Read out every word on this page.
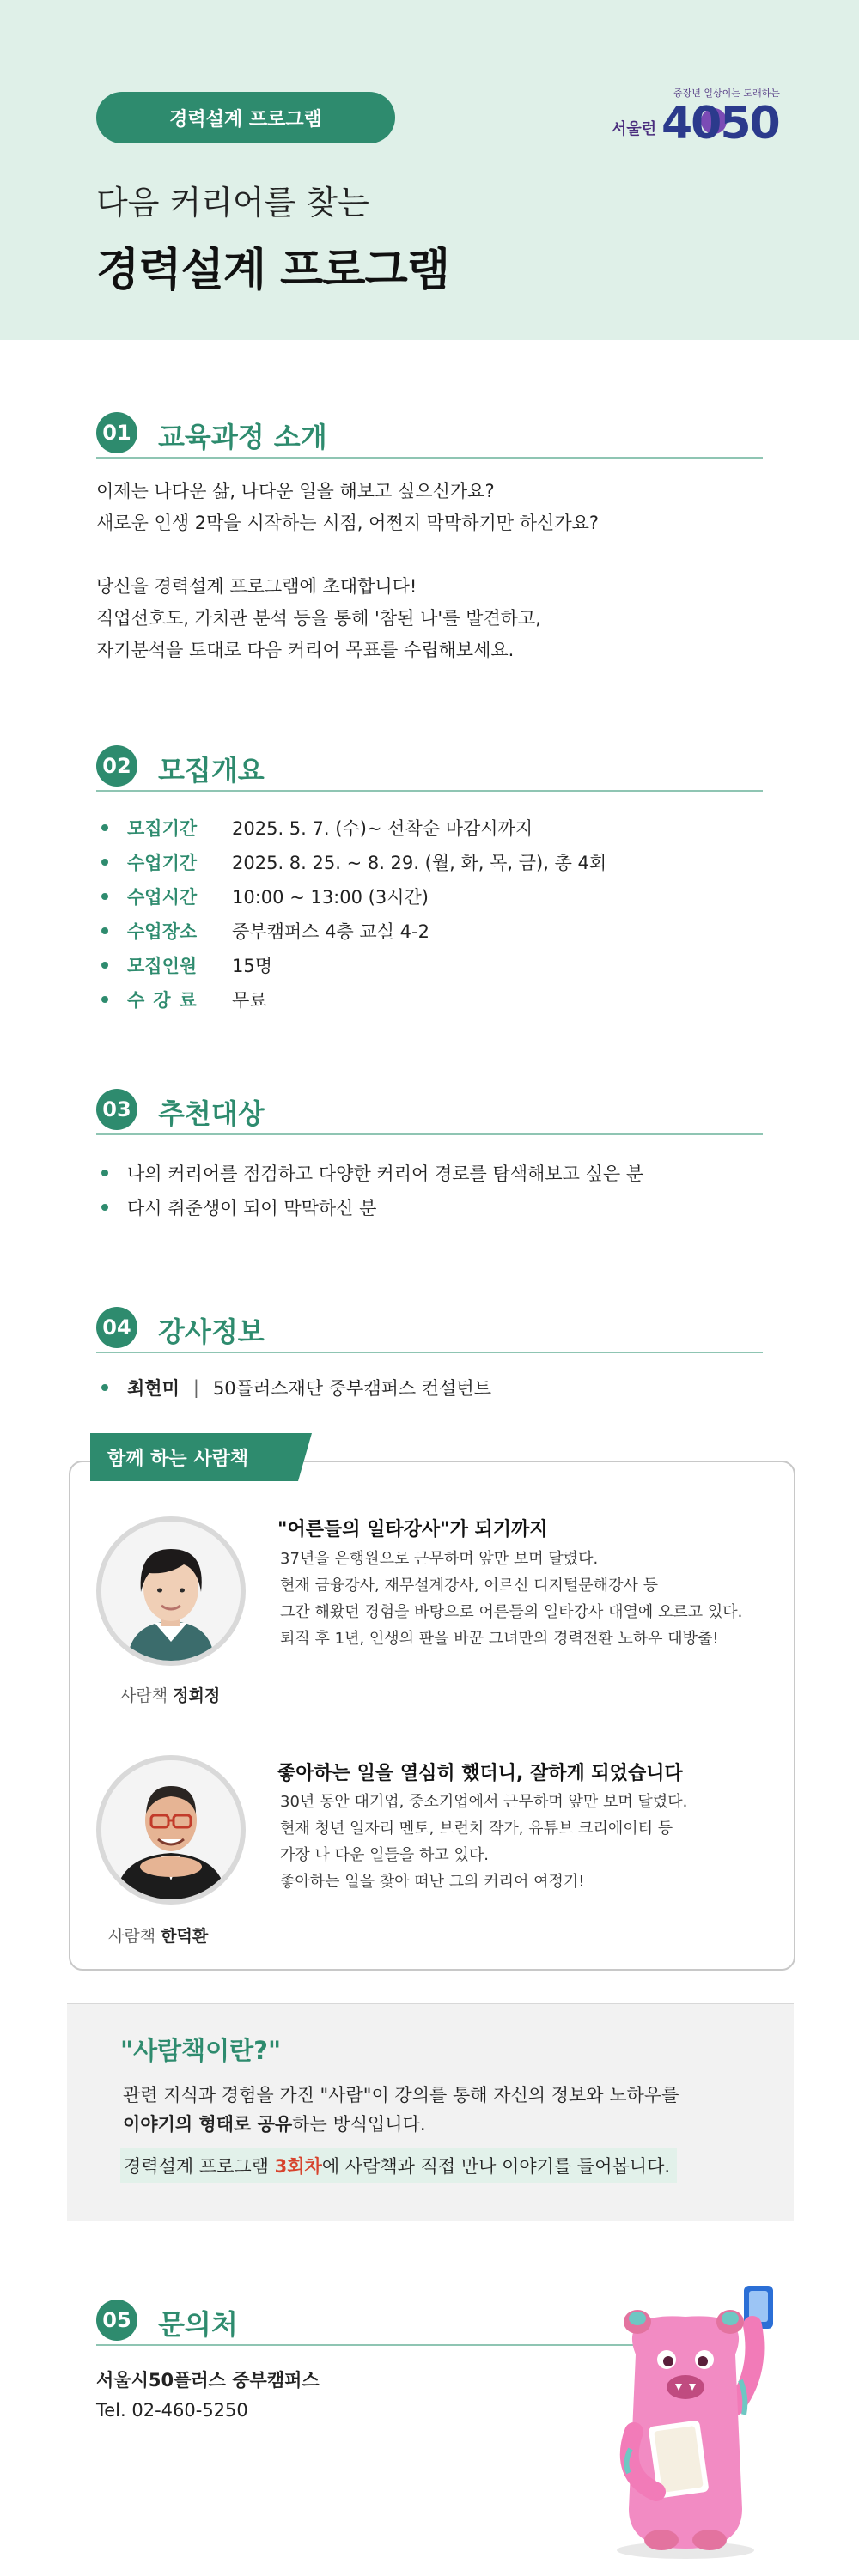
경력설계 프로그램
중장년 일상이는 도래하는
서울런 4050
다음 커리어를 찾는
경력설계 프로그램
01 교육과정 소개
이제는 나다운 삶, 나다운 일을 해보고 싶으신가요?
새로운 인생 2막을 시작하는 시점, 어쩐지 막막하기만 하신가요?
당신을 경력설계 프로그램에 초대합니다!
직업선호도, 가치관 분석 등을 통해 '참된 나'를 발견하고,
자기분석을 토대로 다음 커리어 목표를 수립해보세요.
02 모집개요
모집기간	2025. 5. 7. (수)~ 선착순 마감시까지
수업기간	2025. 8. 25. ~ 8. 29. (월, 화, 목, 금), 총 4회
수업시간	10:00 ~ 13:00 (3시간)
수업장소	중부캠퍼스 4층 교실 4-2
모집인원	15명
수강료	무료
03 추천대상
나의 커리어를 점검하고 다양한 커리어 경로를 탐색해보고 싶은 분
다시 취준생이 되어 막막하신 분
04 강사정보
최현미 | 50플러스재단 중부캠퍼스 컨설턴트
함께 하는 사람책
사람책 정희정
"어른들의 일타강사"가 되기까지
37년을 은행원으로 근무하며 앞만 보며 달렸다.
현재 금융강사, 재무설계강사, 어르신 디지털문해강사 등
그간 해왔던 경험을 바탕으로 어른들의 일타강사 대열에 오르고 있다.
퇴직 후 1년, 인생의 판을 바꾼 그녀만의 경력전환 노하우 대방출!
사람책 한덕환
좋아하는 일을 열심히 했더니, 잘하게 되었습니다
30년 동안 대기업, 중소기업에서 근무하며 앞만 보며 달렸다.
현재 청년 일자리 멘토, 브런치 작가, 유튜브 크리에이터 등
가장 나 다운 일들을 하고 있다.
좋아하는 일을 찾아 떠난 그의 커리어 여정기!
"사람책이란?"
관련 지식과 경험을 가진 "사람"이 강의를 통해 자신의 정보와 노하우를
이야기의 형태로 공유하는 방식입니다.
경력설계 프로그램 3회차 에 사람책과 직접 만나 이야기를 들어봅니다.
05 문의처
서울시50플러스 중부캠퍼스
Tel. 02-460-5250
